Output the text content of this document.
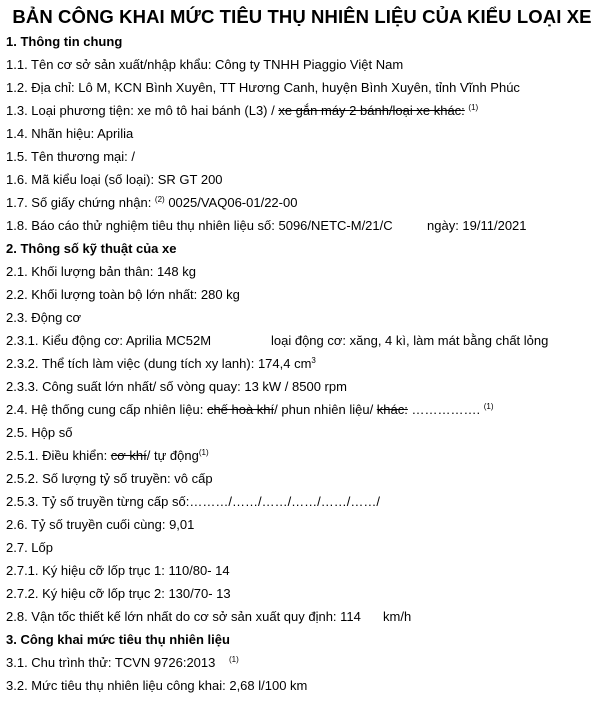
BẢN CÔNG KHAI MỨC TIÊU THỤ NHIÊN LIỆU CỦA KIỂU LOẠI XE
1. Thông tin chung
1.1. Tên cơ sở sản xuất/nhập khẩu: Công ty TNHH Piaggio Việt Nam
1.2. Địa chỉ: Lô M, KCN Bình Xuyên, TT Hương Canh, huyện Bình Xuyên, tỉnh Vĩnh Phúc
1.3. Loại phương tiện: xe mô tô hai bánh (L3) / xe gắn máy 2 bánh/loại xe khác: $^{(1)}$
1.4. Nhãn hiệu: Aprilia
1.5. Tên thương mại: /
1.6. Mã kiểu loại (số loại): SR GT 200
1.7. Số giấy chứng nhận: $^{(2)}$ 0025/VAQ06-01/22-00
1.8. Báo cáo thử nghiệm tiêu thụ nhiên liệu số: 5096/NETC-M/21/C	ngày: 19/11/2021
2. Thông số kỹ thuật của xe
2.1. Khối lượng bản thân: 148 kg
2.2. Khối lượng toàn bộ lớn nhất: 280 kg
2.3. Động cơ
2.3.1. Kiểu động cơ: Aprilia MC52M	loại động cơ: xăng, 4 kì, làm mát bằng chất lỏng
2.3.2. Thể tích làm việc (dung tích xy lanh): 174,4 $cm^3$
2.3.3. Công suất lớn nhất/ số vòng quay: 13 kW / 8500 rpm
2.4. Hệ thống cung cấp nhiên liệu: chế hoà khí/ phun nhiên liệu/ khác: ……………. $^{(1)}$
2.5. Hộp số
2.5.1. Điều khiển: cơ khí/ tự động$^{(1)}$
2.5.2. Số lượng tỷ số truyền: vô cấp
2.5.3. Tỷ số truyền từng cấp số:………/……/……/……/……/……/
2.6. Tỷ số truyền cuối cùng: 9,01
2.7. Lốp
2.7.1. Ký hiệu cỡ lốp trục 1: 110/80- 14
2.7.2. Ký hiệu cỡ lốp trục 2: 130/70- 13
2.8. Vận tốc thiết kế lớn nhất do cơ sở sản xuất quy định: 114 km/h
3. Công khai mức tiêu thụ nhiên liệu
3.1. Chu trình thử: TCVN 9726:2013 $^{(1)}$
3.2. Mức tiêu thụ nhiên liệu công khai: 2,68 l/100 km
